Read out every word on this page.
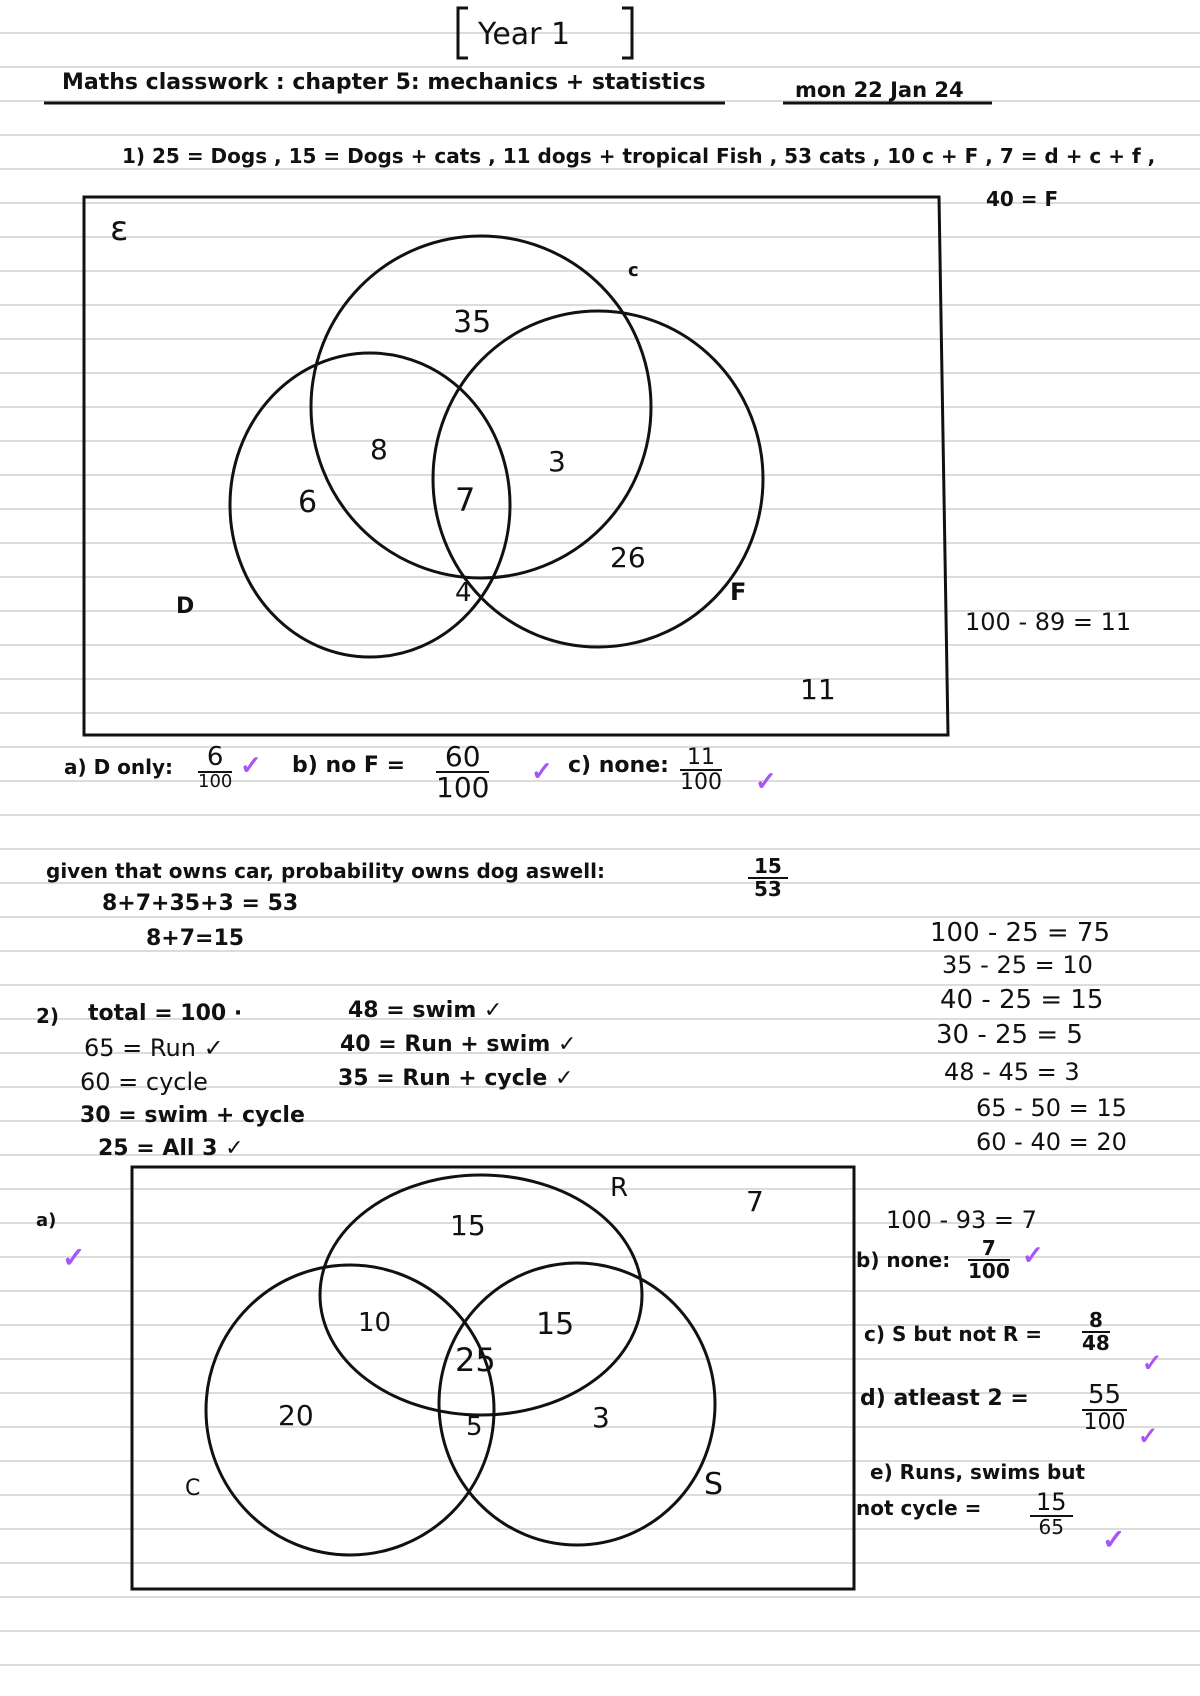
Year 1
Maths classwork : chapter 5: mechanics + statistics	mon 22 Jan 24
1) 25 = Dogs , 15 = Dogs + cats , 11 dogs + tropical Fish , 53 cats , 10 c + F , 7 = d + c + f ,
40 = F
100 - 89 = 11
ε
c
F
D
35
8	3
6	7
4
26
11
a) D only:	6
100
✓ b) no $F = \frac{60}{100}$ ✓ c) none: $\frac{11}{100}$ ✓
given that owns car, probability owns dog aswell:	$\frac{15}{53}$
8+7+35+3 = 53
8+7=15
2) total = 100 ·
65 = Run ✓
60 = cycle
30 = swim + cycle
25 = All 3 ✓
48 = swim ✓
40 = Run + swim ✓
35 = Run + cycle ✓
100 - 25 = 75
35 - 25 = 10
40 - 25 = 15
30 - 25 = 5
48 - 45 = 3
65 - 50 = 15
60 - 40 = 20
a)
✓
R
C	S
15
10	15
25
20	5	3
7
100 - 93 = 7
b) none: $\frac{7}{100}$ ✓
c) S but not $R = \frac{8}{48}$
✓
d) atleast 2 = 55
100
✓
e) Runs, swims but
not cycle = 15
65	✓
